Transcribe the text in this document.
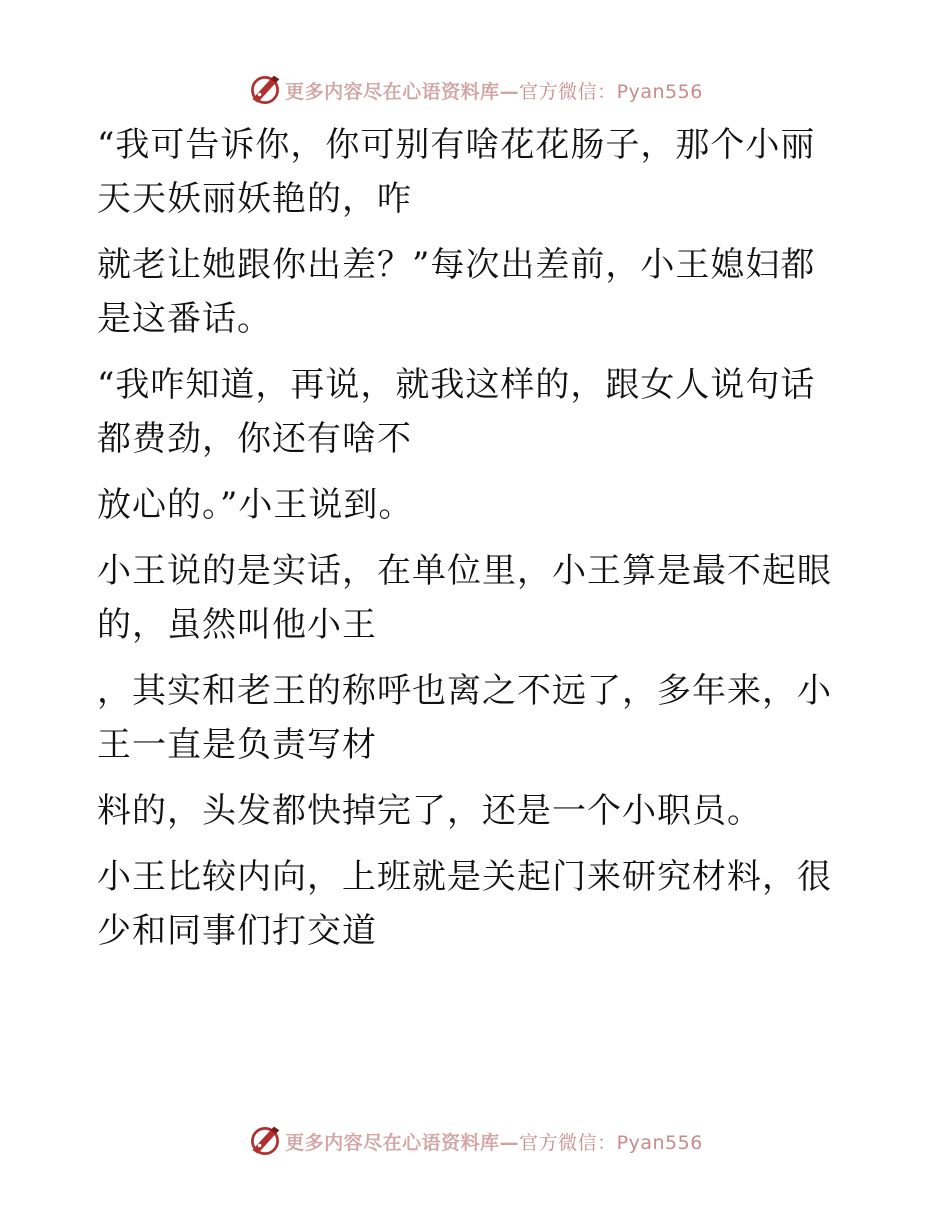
更多内容尽在心语资料库— 官方微信：Pyan556
“我可告诉你，你可别有啥花花肠子，那个小丽
天天妖丽妖艳的，咋
就老让她跟你出差？”每次出差前，小王媳妇都
是这番话。
“我咋知道，再说，就我这样的，跟女人说句话
都费劲，你还有啥不
放心的。”小王说到。
小王说的是实话，在单位里，小王算是最不起眼
的，虽然叫他小王
，其实和老王的称呼也离之不远了，多年来，小
王一直是负责写材
料的，头发都快掉完了，还是一个小职员。
小王比较内向，上班就是关起门来研究材料，很
少和同事们打交道
更多内容尽在心语资料库— 官方微信：Pyan556
